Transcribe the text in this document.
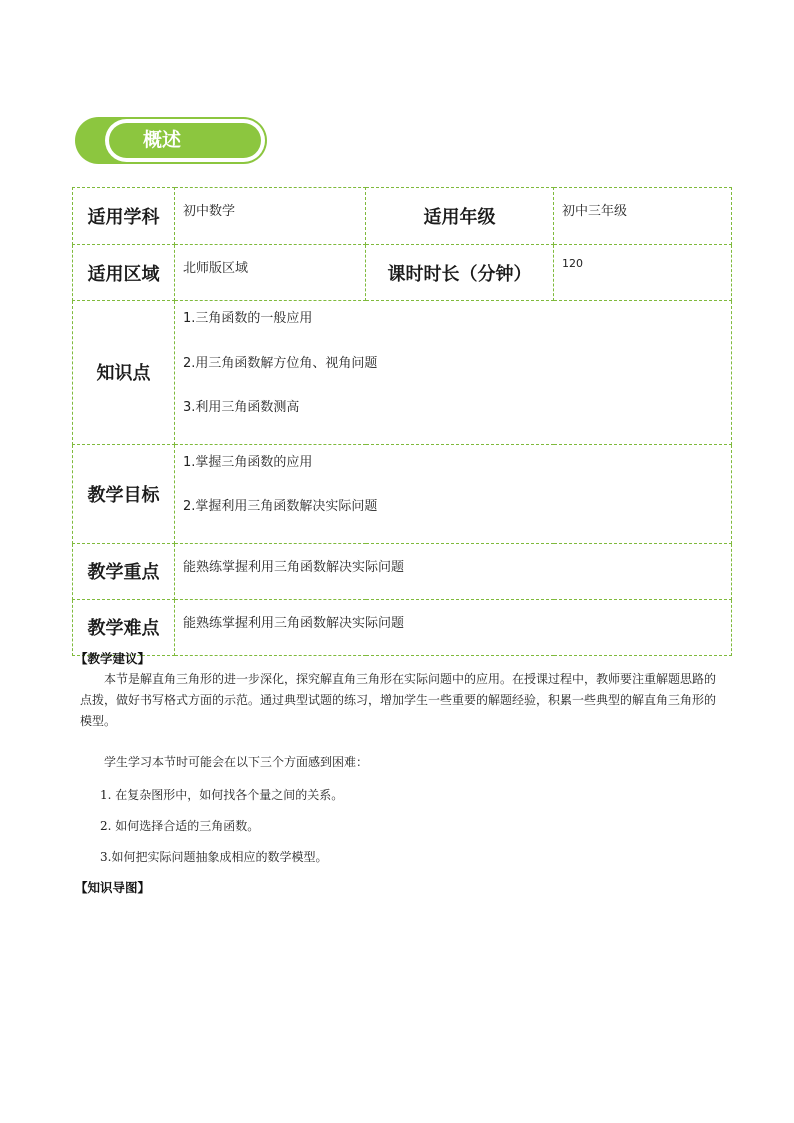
概述
适用学科	初中数学	适用年级	初中三年级
适用区域	北师版区域	课时时长（分钟）	120
知识点	1.三角函数的一般应用
2.用三角函数解方位角、视角问题
3.利用三角函数测高		

教学目标	1.掌握三角函数的应用
2.掌握利用三角函数解决实际问题		

教学重点	能熟练掌握利用三角函数解决实际问题		
教学难点	能熟练掌握利用三角函数解决实际问题		
【教学建议】
本节是解直角三角形的进一步深化，探究解直角三角形在实际问题中的应用。在授课过程中，教师要注重解题思路的点拨，做好书写格式方面的示范。通过典型试题的练习，增加学生一些重要的解题经验，积累一些典型的解直角三角形的模型。
学生学习本节时可能会在以下三个方面感到困难：
1. 在复杂图形中，如何找各个量之间的关系。
2. 如何选择合适的三角函数。
3.如何把实际问题抽象成相应的数学模型。
【知识导图】
